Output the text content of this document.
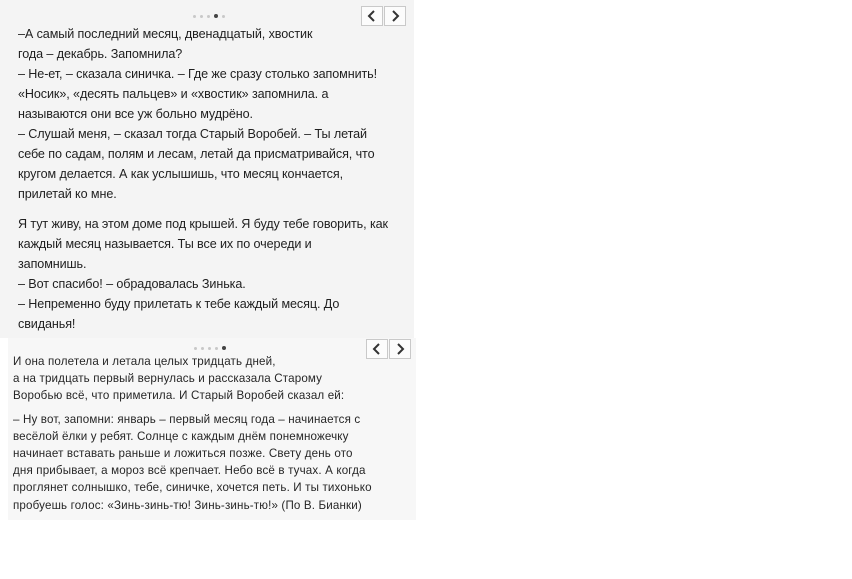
–А самый последний месяц, двенадцатый, хвостик
года – декабрь. Запомнила?
– Не-ет, – сказала синичка. – Где же сразу столько запомнить!
«Носик», «десять пальцев» и «хвостик» запомнила. а
называются они все уж больно мудрёно.
– Слушай меня, – сказал тогда Старый Воробей. – Ты летай
себе по садам, полям и лесам, летай да присматривайся, что
кругом делается. А как услышишь, что месяц кончается,
прилетай ко мне.

Я тут живу, на этом доме под крышей. Я буду тебе говорить, как
каждый месяц называется. Ты все их по очереди и
запомнишь.
– Вот спасибо! – обрадовалась Зинька.
– Непременно буду прилетать к тебе каждый месяц. До
свиданья!

И она полетела и летала целых тридцать дней,
а на тридцать первый вернулась и рассказала Старому
Воробью всё, что приметила. И Старый Воробей сказал ей:

– Ну вот, запомни: январь – первый месяц года – начинается с
весёлой ёлки у ребят. Солнце с каждым днём понемножечку
начинает вставать раньше и ложиться позже. Свету день ото
дня прибывает, а мороз всё крепчает. Небо всё в тучах. А когда
проглянет солнышко, тебе, синичке, хочется петь. И ты тихонько
пробуешь голос: «Зинь-зинь-тю! Зинь-зинь-тю!» (По В. Бианки)
